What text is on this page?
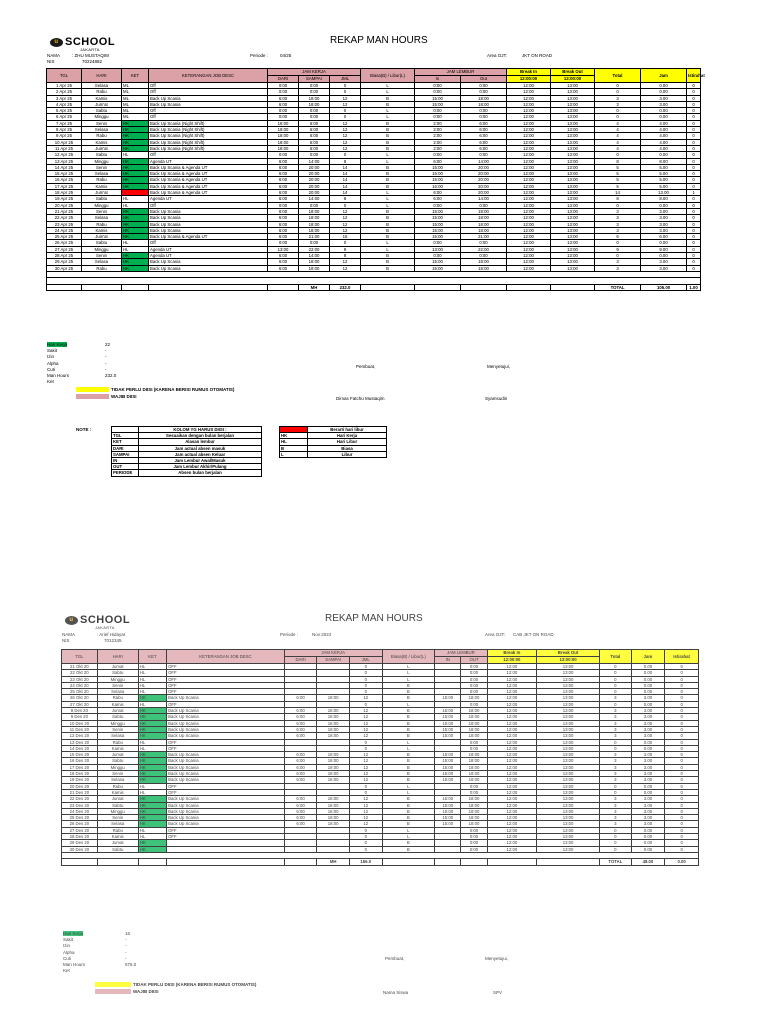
u SCHOOL
JAKARTA
REKAP MAN HOURS
NAMA	: ZHU MUSTAQIM
NIS	70224882
Periode :	04/25	Area OJT:	JKT ON ROAD
TGL	HARI	KET	KETERANGAN JOB DESC	JAM KERJA			Biasa(B) / Libur(L)	JAM LEMBUR		Break In	Break Out	Total	Jam	Istirahat
				DARI	SAMPAI	JML		In	Out	12:00:00	13:00:00			
1 Apr 25	Selasa	ML	Off	0:00	0:00	0	L	0:00	0:00	12:00	13:00	0	0.00	0
2 Apr 25	Rabu	ML	Off	0:00	0:00	0	L	0:00	0:00	12:00	13:00	0	0.00	0
3 Apr 25	Kamis	ML	Back Up Scania	6:00	18:00	12	B	15:00	18:00	12:00	13:00	3	3.00	0
4 Apr 25	Jum'at	ML	Back Up Scania	6:00	18:00	12	B	15:00	18:00	12:00	13:00	3	3.00	0
5 Apr 25	Sabtu	ML	Off	0:00	0:00	0	L	0:00	0:00	12:00	13:00	0	0.00	0
6 Apr 25	Minggu	ML	Off	0:00	0:00	0	L	0:00	0:00	12:00	13:00	0	0.00	0
7 Apr 25	Senin	HK	Back Up Scania (Night Shift)	18:00	6:00	12	B	2:00	6:00	12:00	13:00	4	4.00	0
8 Apr 25	Selasa	HK	Back Up Scania (Night Shift)	18:00	6:00	12	B	2:00	6:00	12:00	13:00	4	4.00	0
9 Apr 25	Rabu	HK	Back Up Scania (Night Shift)	18:00	6:00	12	B	2:00	6:00	12:00	13:00	4	4.00	0
10 Apr 25	Kamis	HK	Back Up Scania (Night Shift)	18:00	6:00	12	B	2:00	6:00	12:00	13:00	4	4.00	0
11 Apr 25	Jum'at	HK	Back Up Scania (Night Shift)	18:00	6:00	12	B	2:00	6:00	12:00	13:00	4	4.00	0
12 Apr 25	Sabtu	HL	Off	0:00	0:00	0	L	0:00	0:00	12:00	13:00	0	0.00	0
13 Apr 25	Minggu	HK	Agenda UT	6:00	14:00	8	L	6:00	14:00	12:00	13:00	8	8.00	0
14 Apr 25	Senin	HK	Back Up Scania & Agenda UT	6:00	20:00	14	B	15:00	20:00	12:00	13:00	5	5.00	0
15 Apr 25	Selasa	HK	Back Up Scania & Agenda UT	6:00	20:00	14	B	15:00	20:00	12:00	13:00	5	5.00	0
16 Apr 25	Rabu	HK	Back Up Scania & Agenda UT	6:00	20:00	14	B	15:00	20:00	12:00	13:00	5	5.00	0
17 Apr 25	Kamis	HK	Back Up Scania & Agenda UT	6:00	20:00	14	B	15:00	20:00	12:00	13:00	5	5.00	0
18 Apr 25	Jum'at		Back Up Scania & Agenda UT	6:00	20:00	14	L	6:00	20:00	12:00	13:00	14	13.00	1
19 Apr 25	Sabtu	HL	Agenda UT	6:00	14:00	8	L	6:00	14:00	12:00	13:00	8	8.00	0
20 Apr 25	Minggu	HL	Off	0:00	0:00	0	L	0:00	0:00	12:00	13:00	0	0.00	0
21 Apr 25	Senin	HK	Back Up Scania	6:00	18:00	12	B	15:00	18:00	12:00	13:00	3	3.00	0
22 Apr 25	Selasa	HK	Back Up Scania	6:00	18:00	12	B	15:00	18:00	12:00	13:00	3	3.00	0
23 Apr 25	Rabu	HK	Back Up Scania	6:00	18:00	12	B	15:00	18:00	12:00	13:00	3	3.00	0
24 Apr 25	Kamis	HK	Back Up Scania	6:00	18:00	12	B	15:00	18:00	12:00	13:00	3	3.00	0
25 Apr 25	Jum'at	HK	Back Up Scania & Agenda UT	6:00	21:00	15	B	15:00	21:00	12:00	13:00	6	6.00	0
26 Apr 25	Sabtu	HL	Off	0:00	0:00	0	L	0:00	0:00	12:00	13:00	0	0.00	0
27 Apr 25	Minggu	HL	Agenda UT	13:00	22:00	9	L	13:00	22:00	12:00	13:00	9	9.00	0
28 Apr 25	Senin	HK	Agenda UT	6:00	14:00	8	B	0:00	0:00	12:00	13:00	0	0.00	0
29 Apr 25	Selasa	HK	Back Up Scania	6:00	18:00	12	B	15:00	18:00	12:00	13:00	3	3.00	0
30 Apr 25	Rabu	HK	Back Up Scania	6:00	18:00	12	B	15:00	18:00	12:00	13:00	3	3.00	0

					MH	232.0						TOTAL	105.00	1.00
Hari Kerja	22
Sakit	-
Izin	-
Alpha	-
Cuti	-
Man Hours	232.0
Ket
TIDAK PERLU DIISI (KARENA BERISI RUMUS OTOMATIS)
WAJIB DIISI
Pembuat,	Menyetujui,
Dimas Fatchu Mustaqim	Syamsudin
NOTE :
		KOLOM YG HARUS DIISI :
TGL	Sesuaikan dengan bulan berjalan
KET	Alasan lembur
DARI	Jam actual absen masuk
SAMPAI	Jam actual absen Keluar
IN	Jam Lembur Awal/Masuk
OUT	Jam Lembur Akhir/Pulang
PERIODE	Absen bulan berjalan
	Berarti hari libur
HK	Hari Kerja
HL	Hari Libur
B	Biasa
L	Libur
u SCHOOL
JAKARTA
REKAP MAN HOURS
NAMA	: Arief Hidayat
NIS	7012345
Periode :	Nov 2024	Area OJT: CAB JKT ON ROAD
TGL	HARI	KET	KETERANGAN JOB DESC	JAM KERJA			Biasa(B) / Libur(L)	JAM LEMBUR		Break In	Break Out	Total	Jam	Istirahat
				DARI	SAMPAI	JML		IN	OUT	12:00:00	13:00:00			
21 Okt 20	Jumat	HL	OFF			0	L		0:00	12:00	13:00	0	0.00	0
22 Okt 20	Sabtu	HL	OFF			0	L		0:00	12:00	13:00	0	0.00	0
23 Okt 20	Minggu	HL	OFF			0	L		0:00	12:00	13:00	0	0.00	0
24 Okt 20	Senin	HL	OFF			0	B		0:00	12:00	13:00	0	0.00	0
25 Okt 20	Selasa	HL	OFF			0	B		0:00	12:00	13:00	0	0.00	0
26 Okt 20	Rabu	HK	Back Up Scania	6:00	18:00	12	B	15:00	18:00	12:00	13:00	3	3.00	0
27 Okt 20	Kamis	HL	OFF			0	L		0:00	12:00	13:00	0	0.00	0
8 Des 20	Jumat	HK	Back Up Scania	6:00	18:00	12	B	15:00	18:00	12:00	13:00	3	3.00	0
9 Des 20	Sabtu	HK	Back Up Scania	6:00	18:00	12	B	15:00	18:00	12:00	13:00	3	3.00	0
10 Des 20	Minggu	HK	Back Up Scania	6:00	18:00	12	B	15:00	18:00	12:00	13:00	3	3.00	0
11 Des 20	Senin	HK	Back Up Scania	6:00	18:00	12	B	15:00	18:00	12:00	13:00	3	3.00	0
12 Des 20	Selasa	HK	Back Up Scania	6:00	18:00	12	B	15:00	18:00	12:00	13:00	3	3.00	0
13 Des 20	Rabu	HL	OFF			0	L		0:00	12:00	13:00	0	0.00	0
14 Des 20	Kamis	HL	OFF			0	L		0:00	12:00	13:00	0	0.00	0
15 Des 20	Jumat	HK	Back Up Scania	6:00	18:00	12	B	15:00	18:00	12:00	13:00	3	3.00	0
16 Des 20	Sabtu	HK	Back Up Scania	6:00	18:00	12	B	15:00	18:00	12:00	13:00	3	3.00	0
17 Des 20	Minggu	HK	Back Up Scania	6:00	18:00	12	B	15:00	18:00	12:00	13:00	3	3.00	0
18 Des 20	Senin	HK	Back Up Scania	6:00	18:00	12	B	15:00	18:00	12:00	13:00	3	3.00	0
19 Des 20	Selasa	HK	Back Up Scania	6:00	18:00	12	B	15:00	18:00	12:00	13:00	3	3.00	0
20 Des 20	Rabu	HL	OFF			0	L		0:00	12:00	13:00	0	0.00	0
21 Des 20	Kamis	HL	OFF			0	L		0:00	12:00	13:00	0	0.00	0
22 Des 20	Jumat	HK	Back Up Scania	6:00	18:00	12	B	15:00	18:00	12:00	13:00	3	3.00	0
23 Des 20	Sabtu	HK	Back Up Scania	6:00	18:00	12	B	15:00	18:00	12:00	13:00	3	3.00	0
24 Des 20	Minggu	HK	Back Up Scania	6:00	18:00	12	B	15:00	18:00	12:00	13:00	3	3.00	0
25 Des 20	Senin	HK	Back Up Scania	6:00	18:00	12	B	15:00	18:00	12:00	13:00	3	3.00	0
26 Des 20	Selasa	HK	Back Up Scania	6:00	18:00	12	B	15:00	18:00	12:00	13:00	3	3.00	0
27 Des 20	Rabu	HL	OFF			0	L		0:00	12:00	13:00	0	0.00	0
28 Des 20	Kamis	HL	OFF			0	L		0:00	12:00	13:00	0	0.00	0
29 Des 20	Jumat	HK				0	B		0:00	12:00	13:00	0	0.00	0
30 Des 20	Sabtu	HK				0	B		0:00	12:00	13:00	0	0.00	0

					MH	156.0						TOTAL	48.00	0.00
Hari Kerja	16
Sakit	-
Izin	-
Alpha	-
Cuti	-
Man Hours	576.0
Ket
TIDAK PERLU DIISI (KARENA BERISI RUMUS OTOMATIS)
WAJIB DIISI
Pembuat,	Menyetujui,
Nama Siswa	SPV
